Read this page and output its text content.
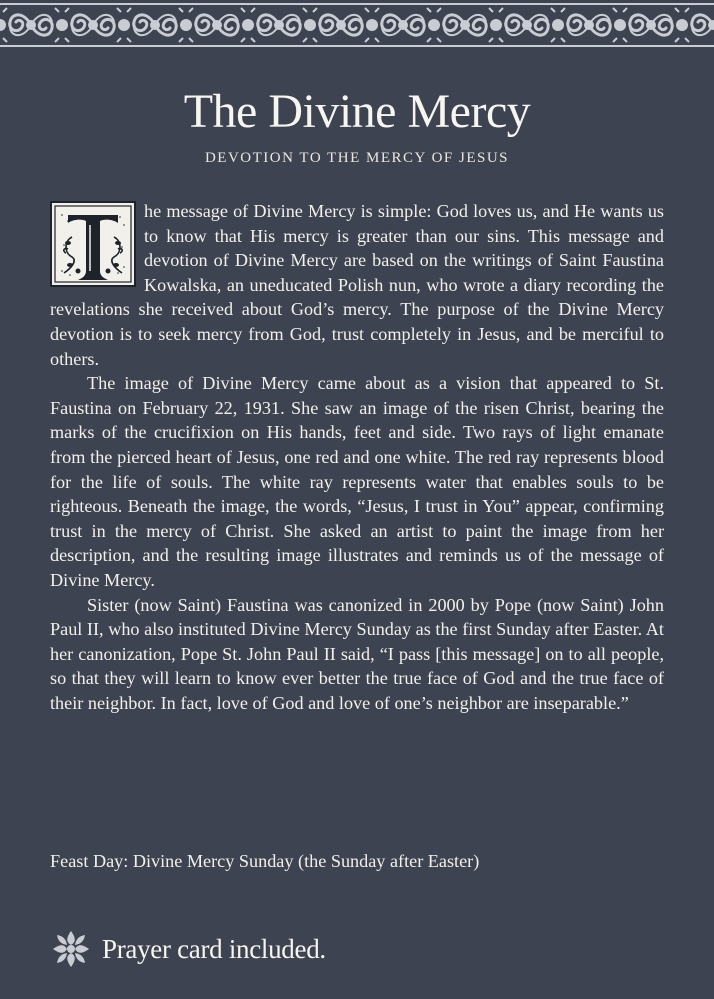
The Divine Mercy
DEVOTION TO THE MERCY OF JESUS

he message of Divine Mercy is simple: God loves us, and He wants us to know that His mercy is greater than our sins. This message and devotion of Divine Mercy are based on the writings of Saint Faustina Kowalska, an uneducated Polish nun, who wrote a diary recording the revelations she received about God’s mercy. The purpose of the Divine Mercy devotion is to seek mercy from God, trust completely in Jesus, and be merciful to others.

The image of Divine Mercy came about as a vision that appeared to St. Faustina on February 22, 1931. She saw an image of the risen Christ, bearing the marks of the crucifixion on His hands, feet and side. Two rays of light emanate from the pierced heart of Jesus, one red and one white. The red ray represents blood for the life of souls. The white ray represents water that enables souls to be righteous. Beneath the image, the words, “Jesus, I trust in You” appear, confirming trust in the mercy of Christ. She asked an artist to paint the image from her description, and the resulting image illustrates and reminds us of the message of Divine Mercy.

Sister (now Saint) Faustina was canonized in 2000 by Pope (now Saint) John Paul II, who also instituted Divine Mercy Sunday as the first Sunday after Easter. At her canonization, Pope St. John Paul II said, “I pass [this message] on to all people, so that they will learn to know ever better the true face of God and the true face of their neighbor. In fact, love of God and love of one’s neighbor are inseparable.”

Feast Day: Divine Mercy Sunday (the Sunday after Easter)
Prayer card included.
